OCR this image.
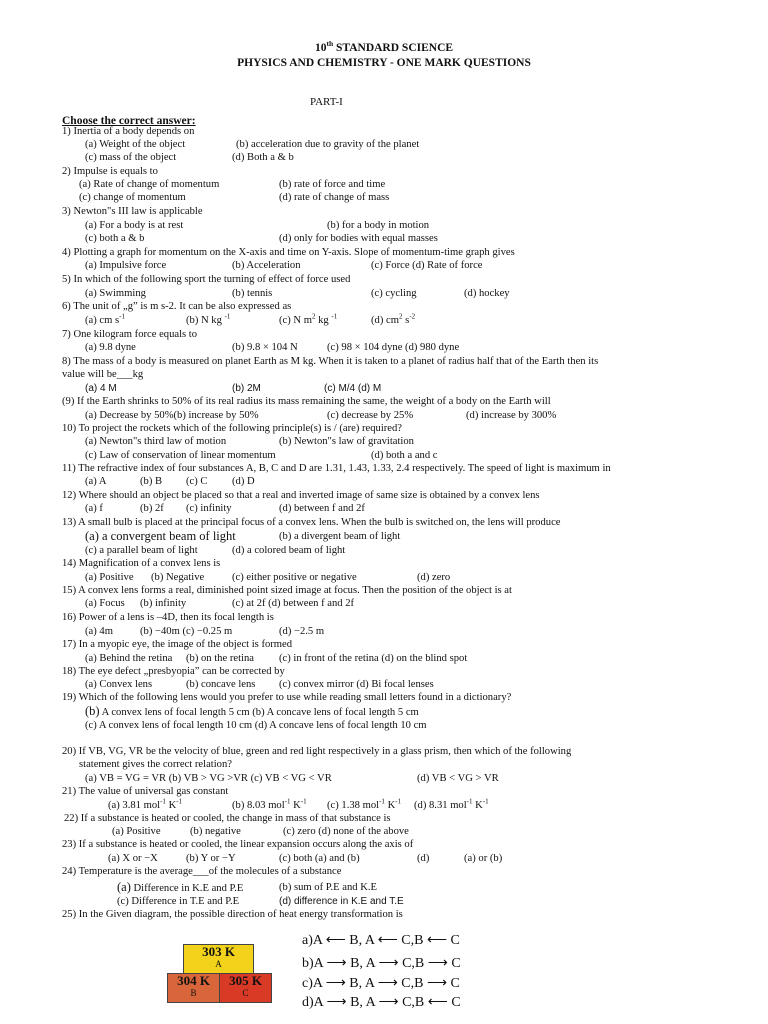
10th STANDARD SCIENCE
PHYSICS AND CHEMISTRY - ONE MARK QUESTIONS
PART-I
Choose the correct answer:
1) Inertia of a body depends on
(a) Weight of the object	(b) acceleration due to gravity of the planet
(c) mass of the object	(d) Both a & b
2) Impulse is equals to
(a) Rate of change of momentum	(b) rate of force and time
(c) change of momentum	(d) rate of change of mass
3) Newton"s III law is applicable
(a) For a body is at rest	(b) for a body in motion
(c) both a & b	(d) only for bodies with equal masses
4) Plotting a graph for momentum on the X-axis and time on Y-axis. Slope of momentum-time graph gives
(a) Impulsive force	(b) Acceleration	(c) Force (d) Rate of force
5) In which of the following sport the turning of effect of force used
(a) Swimming	(b) tennis	(c) cycling	(d) hockey
6) The unit of „g” is m s-2. It can be also expressed as
(a) cm $s^{-1}$	(b) N kg $^{-1}$	(c) N $m^2$ kg $^{-1}$	(d) $cm^2$ $s^{-2}$
7) One kilogram force equals to
(a) 9.8 dyne	(b) 9.8 × 104 N	(c) 98 × 104 dyne (d) 980 dyne
8) The mass of a body is measured on planet Earth as M kg. When it is taken to a planet of radius half that of the Earth then its
value will be___kg
(a) 4 M	(b) 2M	(c) M/4 (d) M
(9) If the Earth shrinks to 50% of its real radius its mass remaining the same, the weight of a body on the Earth will
(a) Decrease by 50%(b) increase by 50%	(c) decrease by 25%	(d) increase by 300%
10) To project the rockets which of the following principle(s) is / (are) required?
(a) Newton"s third law of motion	(b) Newton"s law of gravitation
(c) Law of conservation of linear momentum	(d) both a and c
11) The refractive index of four substances A, B, C and D are 1.31, 1.43, 1.33, 2.4 respectively. The speed of light is maximum in
(a) A	(b) B (c) C (d) D
12) Where should an object be placed so that a real and inverted image of same size is obtained by a convex lens
(a) f	(b) 2f (c) infinity	(d) between f and 2f
13) A small bulb is placed at the principal focus of a convex lens. When the bulb is switched on, the lens will produce
(a) a convergent beam of light	(b) a divergent beam of light
(c) a parallel beam of light	(d) a colored beam of light
14) Magnification of a convex lens is
(a) Positive (b) Negative	(c) either positive or negative	(d) zero
15) A convex lens forms a real, diminished point sized image at focus. Then the position of the object is at
(a) Focus (b) infinity	(c) at 2f (d) between f and 2f
16) Power of a lens is –4D, then its focal length is
(a) 4m	(b) −40m (c) −0.25 m	(d) −2.5 m
17) In a myopic eye, the image of the object is formed
(a) Behind the retina (b) on the retina (c) in front of the retina (d) on the blind spot
18) The eye defect „presbyopia” can be corrected by
(a) Convex lens	(b) concave lens (c) convex mirror (d) Bi focal lenses
19) Which of the following lens would you prefer to use while reading small letters found in a dictionary?
(b) A convex lens of focal length 5 cm (b) A concave lens of focal length 5 cm
(c) A convex lens of focal length 10 cm (d) A concave lens of focal length 10 cm
20) If VB, VG, VR be the velocity of blue, green and red light respectively in a glass prism, then which of the following
statement gives the correct relation?
(a) VB = VG = VR (b) VB > VG >VR (c) VB < VG < VR	(d) VB < VG > VR
21) The value of universal gas constant
(a) 3.81 mol$^{-1}$ $K^{-1}$	(b) 8.03 mol$^{-1}$ $K^{-1}$ (c) 1.38 mol$^{-1}$ $K^{-1}$ (d) 8.31 mol$^{-1}$ $K^{-1}$
22) If a substance is heated or cooled, the change in mass of that substance is
(a) Positive	(b) negative	(c) zero (d) none of the above
23) If a substance is heated or cooled, the linear expansion occurs along the axis of
(a) X or −X	(b) Y or −Y	(c) both (a) and (b)	(d)	(a) or (b)
24) Temperature is the average___of the molecules of a substance
(a) Difference in K.E and P.E	(b) sum of P.E and K.E
(c) Difference in T.E and P.E	(d) difference in K.E and T.E
25) In the Given diagram, the possible direction of heat energy transformation is
303 K
A
304 K
B
305 K
C
a)A ⟵ B, A ⟵ C,B ⟵ C
b)A ⟶ B, A ⟶ C,B ⟶ C
c)A ⟶ B, A ⟶ C,B ⟶ C
d)A ⟶ B, A ⟶ C,B ⟵ C
